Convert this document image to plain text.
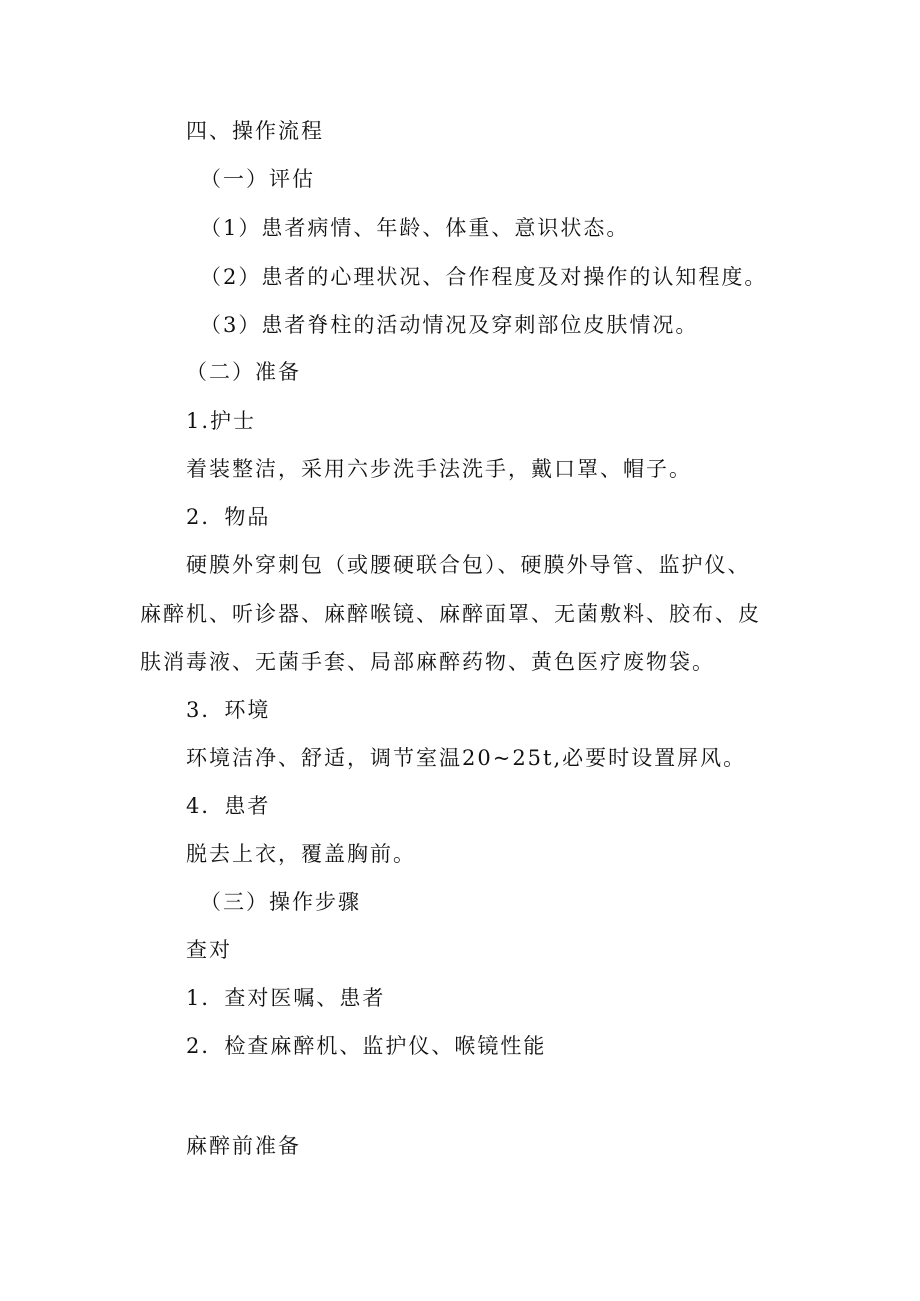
四、操作流程
（一）评估
（1）患者病情、年龄、体重、意识状态。
（2）患者的心理状况、合作程度及对操作的认知程度。
（3）患者脊柱的活动情况及穿刺部位皮肤情况。
（二）准备
1.护士
着装整洁，采用六步洗手法洗手，戴口罩、帽子。
2．物品
硬膜外穿刺包（或腰硬联合包）、硬膜外导管、监护仪、
麻醉机、听诊器、麻醉喉镜、麻醉面罩、无菌敷料、胶布、皮
肤消毒液、无菌手套、局部麻醉药物、黄色医疗废物袋。
3．环境
环境洁净、舒适，调节室温20~25t,必要时设置屏风。
4．患者
脱去上衣，覆盖胸前。
（三）操作步骤
查对
1．查对医嘱、患者
2．检查麻醉机、监护仪、喉镜性能
麻醉前准备
